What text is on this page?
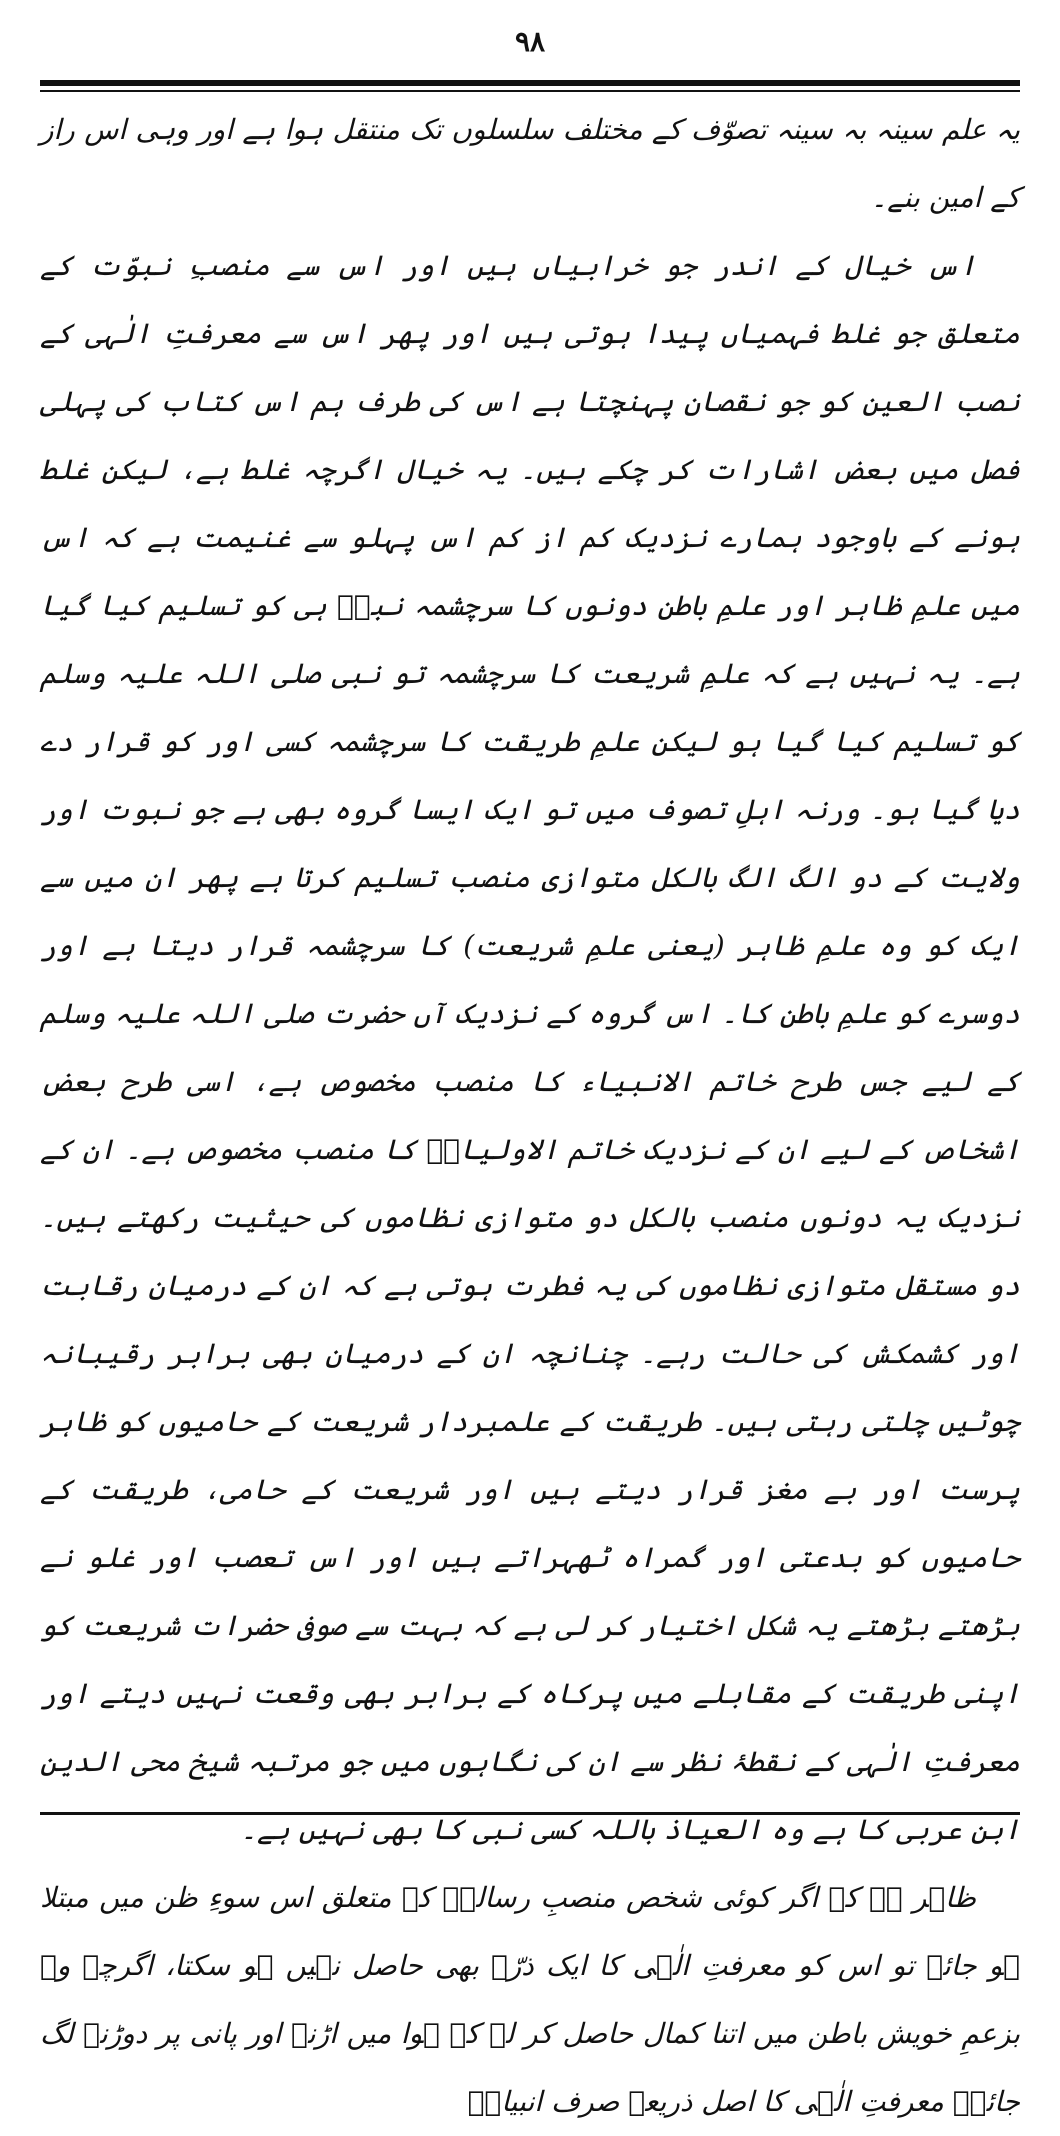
۹۸

یہ علم سینہ بہ سینہ تصوّف کے مختلف سلسلوں تک منتقل ہوا ہے اور وہی اس راز کے امین بنے۔

اس خیال کے اندر جو خرابیاں ہیں اور اس سے منصبِ نبوّت کے متعلق جو غلط فہمیاں پیدا ہوتی ہیں اور پھر اس سے معرفتِ الٰہی کے نصب العین کو جو نقصان پہنچتا ہے اس کی طرف ہم اس کتاب کی پہلی فصل میں بعض اشارات کر چکے ہیں۔ یہ خیال اگرچہ غلط ہے، لیکن غلط ہونے کے باوجود ہمارے نزدیک کم از کم اس پہلو سے غنیمت ہے کہ اس میں علمِ ظاہر اور علمِ باطن دونوں کا سرچشمہ نبیؐ ہی کو تسلیم کیا گیا ہے۔ یہ نہیں ہے کہ علمِ شریعت کا سرچشمہ تو نبی صلی اللہ علیہ وسلم کو تسلیم کیا گیا ہو لیکن علمِ طریقت کا سرچشمہ کسی اور کو قرار دے دیا گیا ہو۔ ورنہ اہلِ تصوف میں تو ایک ایسا گروہ بھی ہے جو نبوت اور ولایت کے دو الگ الگ بالکل متوازی منصب تسلیم کرتا ہے پھر ان میں سے ایک کو وہ علمِ ظاہر (یعنی علمِ شریعت) کا سرچشمہ قرار دیتا ہے اور دوسرے کو علمِ باطن کا۔ اس گروہ کے نزدیک آں حضرت صلی اللہ علیہ وسلم کے لیے جس طرح خاتم الانبیاء کا منصب مخصوص ہے، اسی طرح بعض اشخاص کے لیے ان کے نزدیک خاتم الاولیاءؒ کا منصب مخصوص ہے۔ ان کے نزدیک یہ دونوں منصب بالکل دو متوازی نظاموں کی حیثیت رکھتے ہیں۔ دو مستقل متوازی نظاموں کی یہ فطرت ہوتی ہے کہ ان کے درمیان رقابت اور کشمکش کی حالت رہے۔ چنانچہ ان کے درمیان بھی برابر رقیبانہ چوٹیں چلتی رہتی ہیں۔ طریقت کے علمبردار شریعت کے حامیوں کو ظاہر پرست اور بے مغز قرار دیتے ہیں اور شریعت کے حامی، طریقت کے حامیوں کو بدعتی اور گمراہ ٹھہراتے ہیں اور اس تعصب اور غلو نے بڑھتے بڑھتے یہ شکل اختیار کر لی ہے کہ بہت سے صوفی حضرات شریعت کو اپنی طریقت کے مقابلے میں پرکاہ کے برابر بھی وقعت نہیں دیتے اور معرفتِ الٰہی کے نقطۂ نظر سے ان کی نگاہوں میں جو مرتبہ شیخ محی الدین ابن عربی کا ہے وہ العیاذ باللہ کسی نبی کا بھی نہیں ہے۔

ظاہر ہے کہ اگر کوئی شخص منصبِ رسالتؐ کے متعلق اس سوءِ ظن میں مبتلا ہو جائے تو اس کو معرفتِ الٰہی کا ایک ذرّہ بھی حاصل نہیں ہو سکتا، اگرچہ وہ بزعمِ خویش باطن میں اتنا کمال حاصل کر لے کہ ہوا میں اڑنے اور پانی پر دوڑنے لگ جائے۔ معرفتِ الٰہی کا اصل ذریعہ صرف انبیاءؑ
